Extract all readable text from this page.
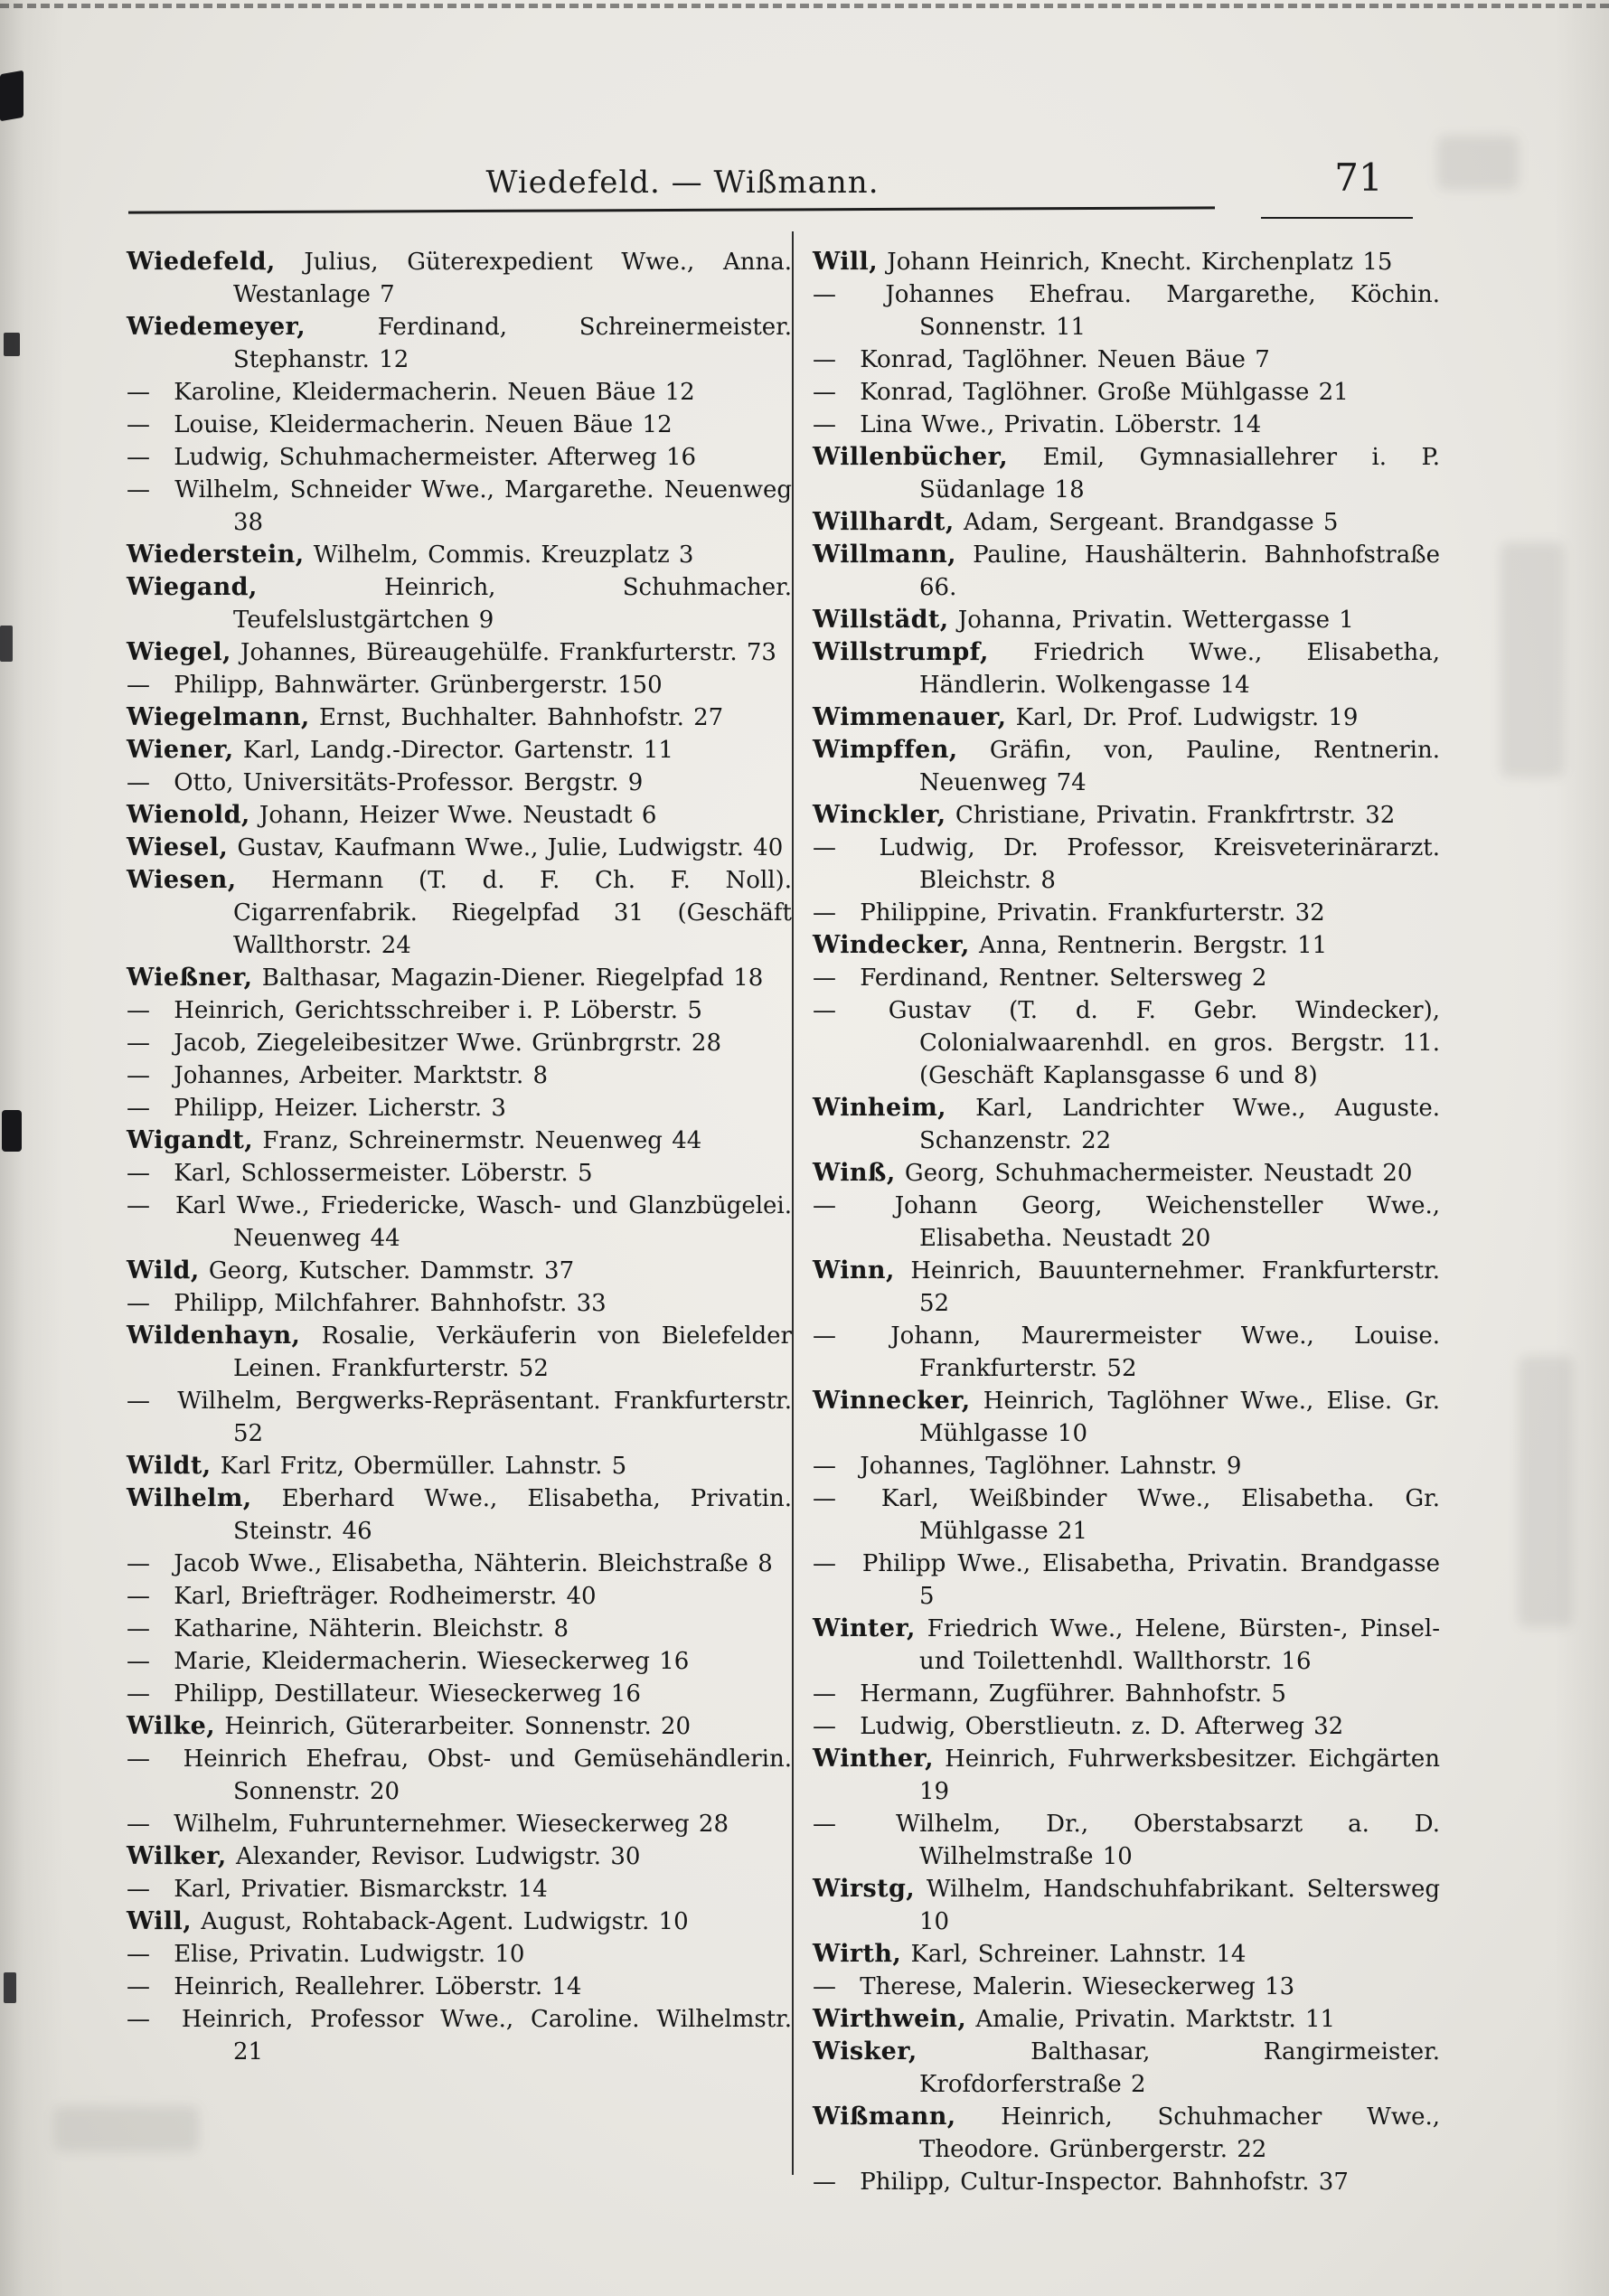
Wiedefeld. — Wißmann.	71

Wiedefeld, Julius, Güterexpedient Wwe., Anna. Westanlage 7

Wiedemeyer, Ferdinand, Schreinermeister. Stephanstr. 12

— Karoline, Kleidermacherin. Neuen Bäue 12

— Louise, Kleidermacherin. Neuen Bäue 12

— Ludwig, Schuhmachermeister. Afterweg 16

— Wilhelm, Schneider Wwe., Margarethe. Neuenweg 38

Wiederstein, Wilhelm, Commis. Kreuzplatz 3

Wiegand, Heinrich, Schuhmacher. Teufelslustgärtchen 9

Wiegel, Johannes, Büreaugehülfe. Frankfurterstr. 73

— Philipp, Bahnwärter. Grünbergerstr. 150

Wiegelmann, Ernst, Buchhalter. Bahnhofstr. 27

Wiener, Karl, Landg.-Director. Gartenstr. 11

— Otto, Universitäts-Professor. Bergstr. 9

Wienold, Johann, Heizer Wwe. Neustadt 6

Wiesel, Gustav, Kaufmann Wwe., Julie, Ludwigstr. 40

Wiesen, Hermann (T. d. F. Ch. F. Noll). Cigarrenfabrik. Riegelpfad 31 (Geschäft Wallthorstr. 24

Wießner, Balthasar, Magazin-Diener. Riegelpfad 18

— Heinrich, Gerichtsschreiber i. P. Löberstr. 5

— Jacob, Ziegeleibesitzer Wwe. Grünbrgrstr. 28

— Johannes, Arbeiter. Marktstr. 8

— Philipp, Heizer. Licherstr. 3

Wigandt, Franz, Schreinermstr. Neuenweg 44

— Karl, Schlossermeister. Löberstr. 5

— Karl Wwe., Friedericke, Wasch- und Glanzbügelei. Neuenweg 44

Wild, Georg, Kutscher. Dammstr. 37

— Philipp, Milchfahrer. Bahnhofstr. 33

Wildenhayn, Rosalie, Verkäuferin von Bielefelder Leinen. Frankfurterstr. 52

— Wilhelm, Bergwerks-Repräsentant. Frankfurterstr. 52

Wildt, Karl Fritz, Obermüller. Lahnstr. 5

Wilhelm, Eberhard Wwe., Elisabetha, Privatin. Steinstr. 46

— Jacob Wwe., Elisabetha, Nähterin. Bleichstraße 8

— Karl, Briefträger. Rodheimerstr. 40

— Katharine, Nähterin. Bleichstr. 8

— Marie, Kleidermacherin. Wieseckerweg 16

— Philipp, Destillateur. Wieseckerweg 16

Wilke, Heinrich, Güterarbeiter. Sonnenstr. 20

— Heinrich Ehefrau, Obst- und Gemüsehändlerin. Sonnenstr. 20

— Wilhelm, Fuhrunternehmer. Wieseckerweg 28

Wilker, Alexander, Revisor. Ludwigstr. 30

— Karl, Privatier. Bismarckstr. 14

Will, August, Rohtaback-Agent. Ludwigstr. 10

— Elise, Privatin. Ludwigstr. 10

— Heinrich, Reallehrer. Löberstr. 14

— Heinrich, Professor Wwe., Caroline. Wilhelmstr. 21

Will, Johann Heinrich, Knecht. Kirchenplatz 15

— Johannes Ehefrau. Margarethe, Köchin. Sonnenstr. 11

— Konrad, Taglöhner. Neuen Bäue 7

— Konrad, Taglöhner. Große Mühlgasse 21

— Lina Wwe., Privatin. Löberstr. 14

Willenbücher, Emil, Gymnasiallehrer i. P. Südanlage 18

Willhardt, Adam, Sergeant. Brandgasse 5

Willmann, Pauline, Haushälterin. Bahnhofstraße 66.

Willstädt, Johanna, Privatin. Wettergasse 1

Willstrumpf, Friedrich Wwe., Elisabetha, Händlerin. Wolkengasse 14

Wimmenauer, Karl, Dr. Prof. Ludwigstr. 19

Wimpffen, Gräfin, von, Pauline, Rentnerin. Neuenweg 74

Winckler, Christiane, Privatin. Frankfrtrstr. 32

— Ludwig, Dr. Professor, Kreisveterinärarzt. Bleichstr. 8

— Philippine, Privatin. Frankfurterstr. 32

Windecker, Anna, Rentnerin. Bergstr. 11

— Ferdinand, Rentner. Seltersweg 2

— Gustav (T. d. F. Gebr. Windecker), Colonialwaarenhdl. en gros. Bergstr. 11. (Geschäft Kaplansgasse 6 und 8)

Winheim, Karl, Landrichter Wwe., Auguste. Schanzenstr. 22

Winß, Georg, Schuhmachermeister. Neustadt 20

— Johann Georg, Weichensteller Wwe., Elisabetha. Neustadt 20

Winn, Heinrich, Bauunternehmer. Frankfurterstr. 52

— Johann, Maurermeister Wwe., Louise. Frankfurterstr. 52

Winnecker, Heinrich, Taglöhner Wwe., Elise. Gr. Mühlgasse 10

— Johannes, Taglöhner. Lahnstr. 9

— Karl, Weißbinder Wwe., Elisabetha. Gr. Mühlgasse 21

— Philipp Wwe., Elisabetha, Privatin. Brandgasse 5

Winter, Friedrich Wwe., Helene, Bürsten-, Pinsel- und Toilettenhdl. Wallthorstr. 16

— Hermann, Zugführer. Bahnhofstr. 5

— Ludwig, Oberstlieutn. z. D. Afterweg 32

Winther, Heinrich, Fuhrwerksbesitzer. Eichgärten 19

— Wilhelm, Dr., Oberstabsarzt a. D. Wilhelmstraße 10

Wirstg, Wilhelm, Handschuhfabrikant. Seltersweg 10

Wirth, Karl, Schreiner. Lahnstr. 14

— Therese, Malerin. Wieseckerweg 13

Wirthwein, Amalie, Privatin. Marktstr. 11

Wisker, Balthasar, Rangirmeister. Krofdorferstraße 2

Wißmann, Heinrich, Schuhmacher Wwe., Theodore. Grünbergerstr. 22

— Philipp, Cultur-Inspector. Bahnhofstr. 37
